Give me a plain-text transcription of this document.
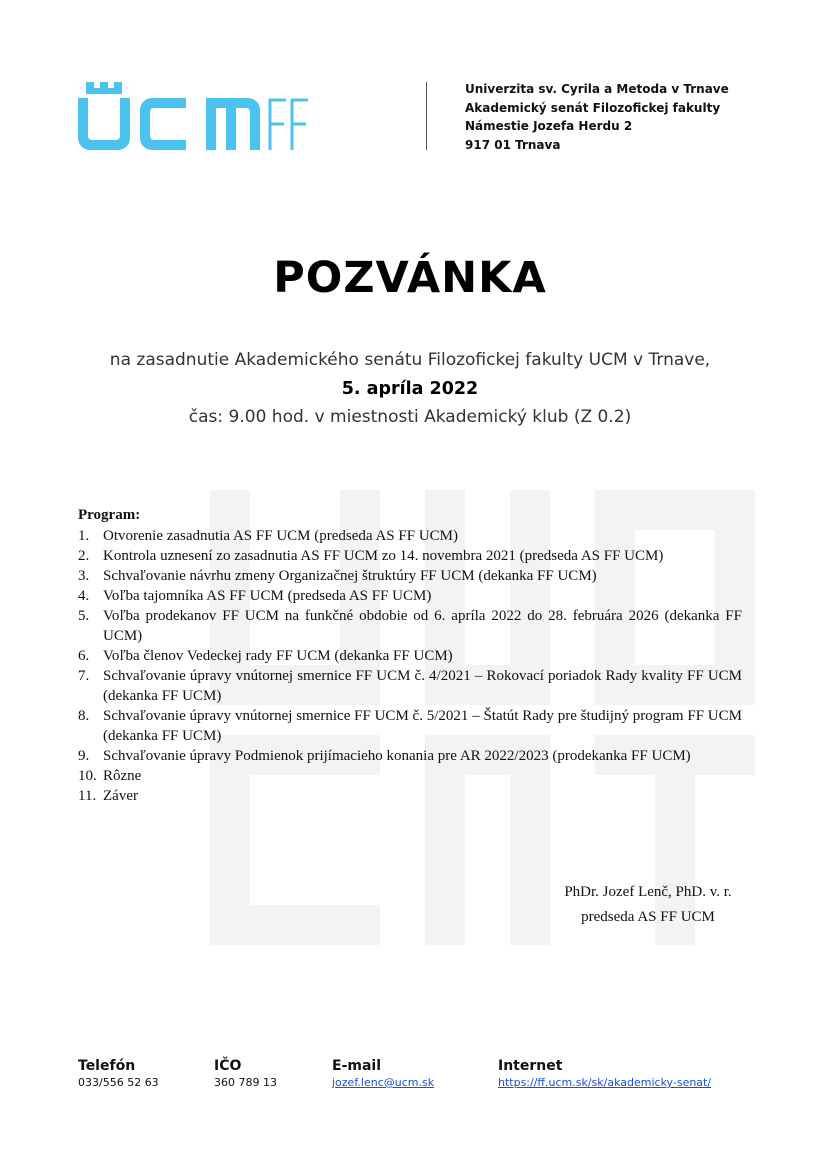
Univerzita sv. Cyrila a Metoda v Trnave
Akademický senát Filozofickej fakulty
Námestie Jozefa Herdu 2
917 01 Trnava
POZVÁNKA
na zasadnutie Akademického senátu Filozofickej fakulty UCM v Trnave,
5. apríla 2022
čas: 9.00 hod. v miestnosti Akademický klub (Z 0.2)
Program:
1. Otvorenie zasadnutia AS FF UCM (predseda AS FF UCM)
2. Kontrola uznesení zo zasadnutia AS FF UCM zo 14. novembra 2021 (predseda AS FF UCM)
3. Schvaľovanie návrhu zmeny Organizačnej štruktúry FF UCM (dekanka FF UCM)
4. Voľba tajomníka AS FF UCM (predseda AS FF UCM)
5. Voľba prodekanov FF UCM na funkčné obdobie od 6. apríla 2022 do 28. februára 2026 (dekanka FF UCM)
6. Voľba členov Vedeckej rady FF UCM (dekanka FF UCM)
7. Schvaľovanie úpravy vnútornej smernice FF UCM č. 4/2021 – Rokovací poriadok Rady kvality FF UCM (dekanka FF UCM)
8. Schvaľovanie úpravy vnútornej smernice FF UCM č. 5/2021 – Štatút Rady pre študijný program FF UCM (dekanka FF UCM)
9. Schvaľovanie úpravy Podmienok prijímacieho konania pre AR 2022/2023 (prodekanka FF UCM)
10. Rôzne
11. Záver
PhDr. Jozef Lenč, PhD. v. r.
predseda AS FF UCM
Telefón
033/556 52 63
IČO
360 789 13
E-mail
jozef.lenc@ucm.sk
Internet
https://ff.ucm.sk/sk/akademicky-senat/
